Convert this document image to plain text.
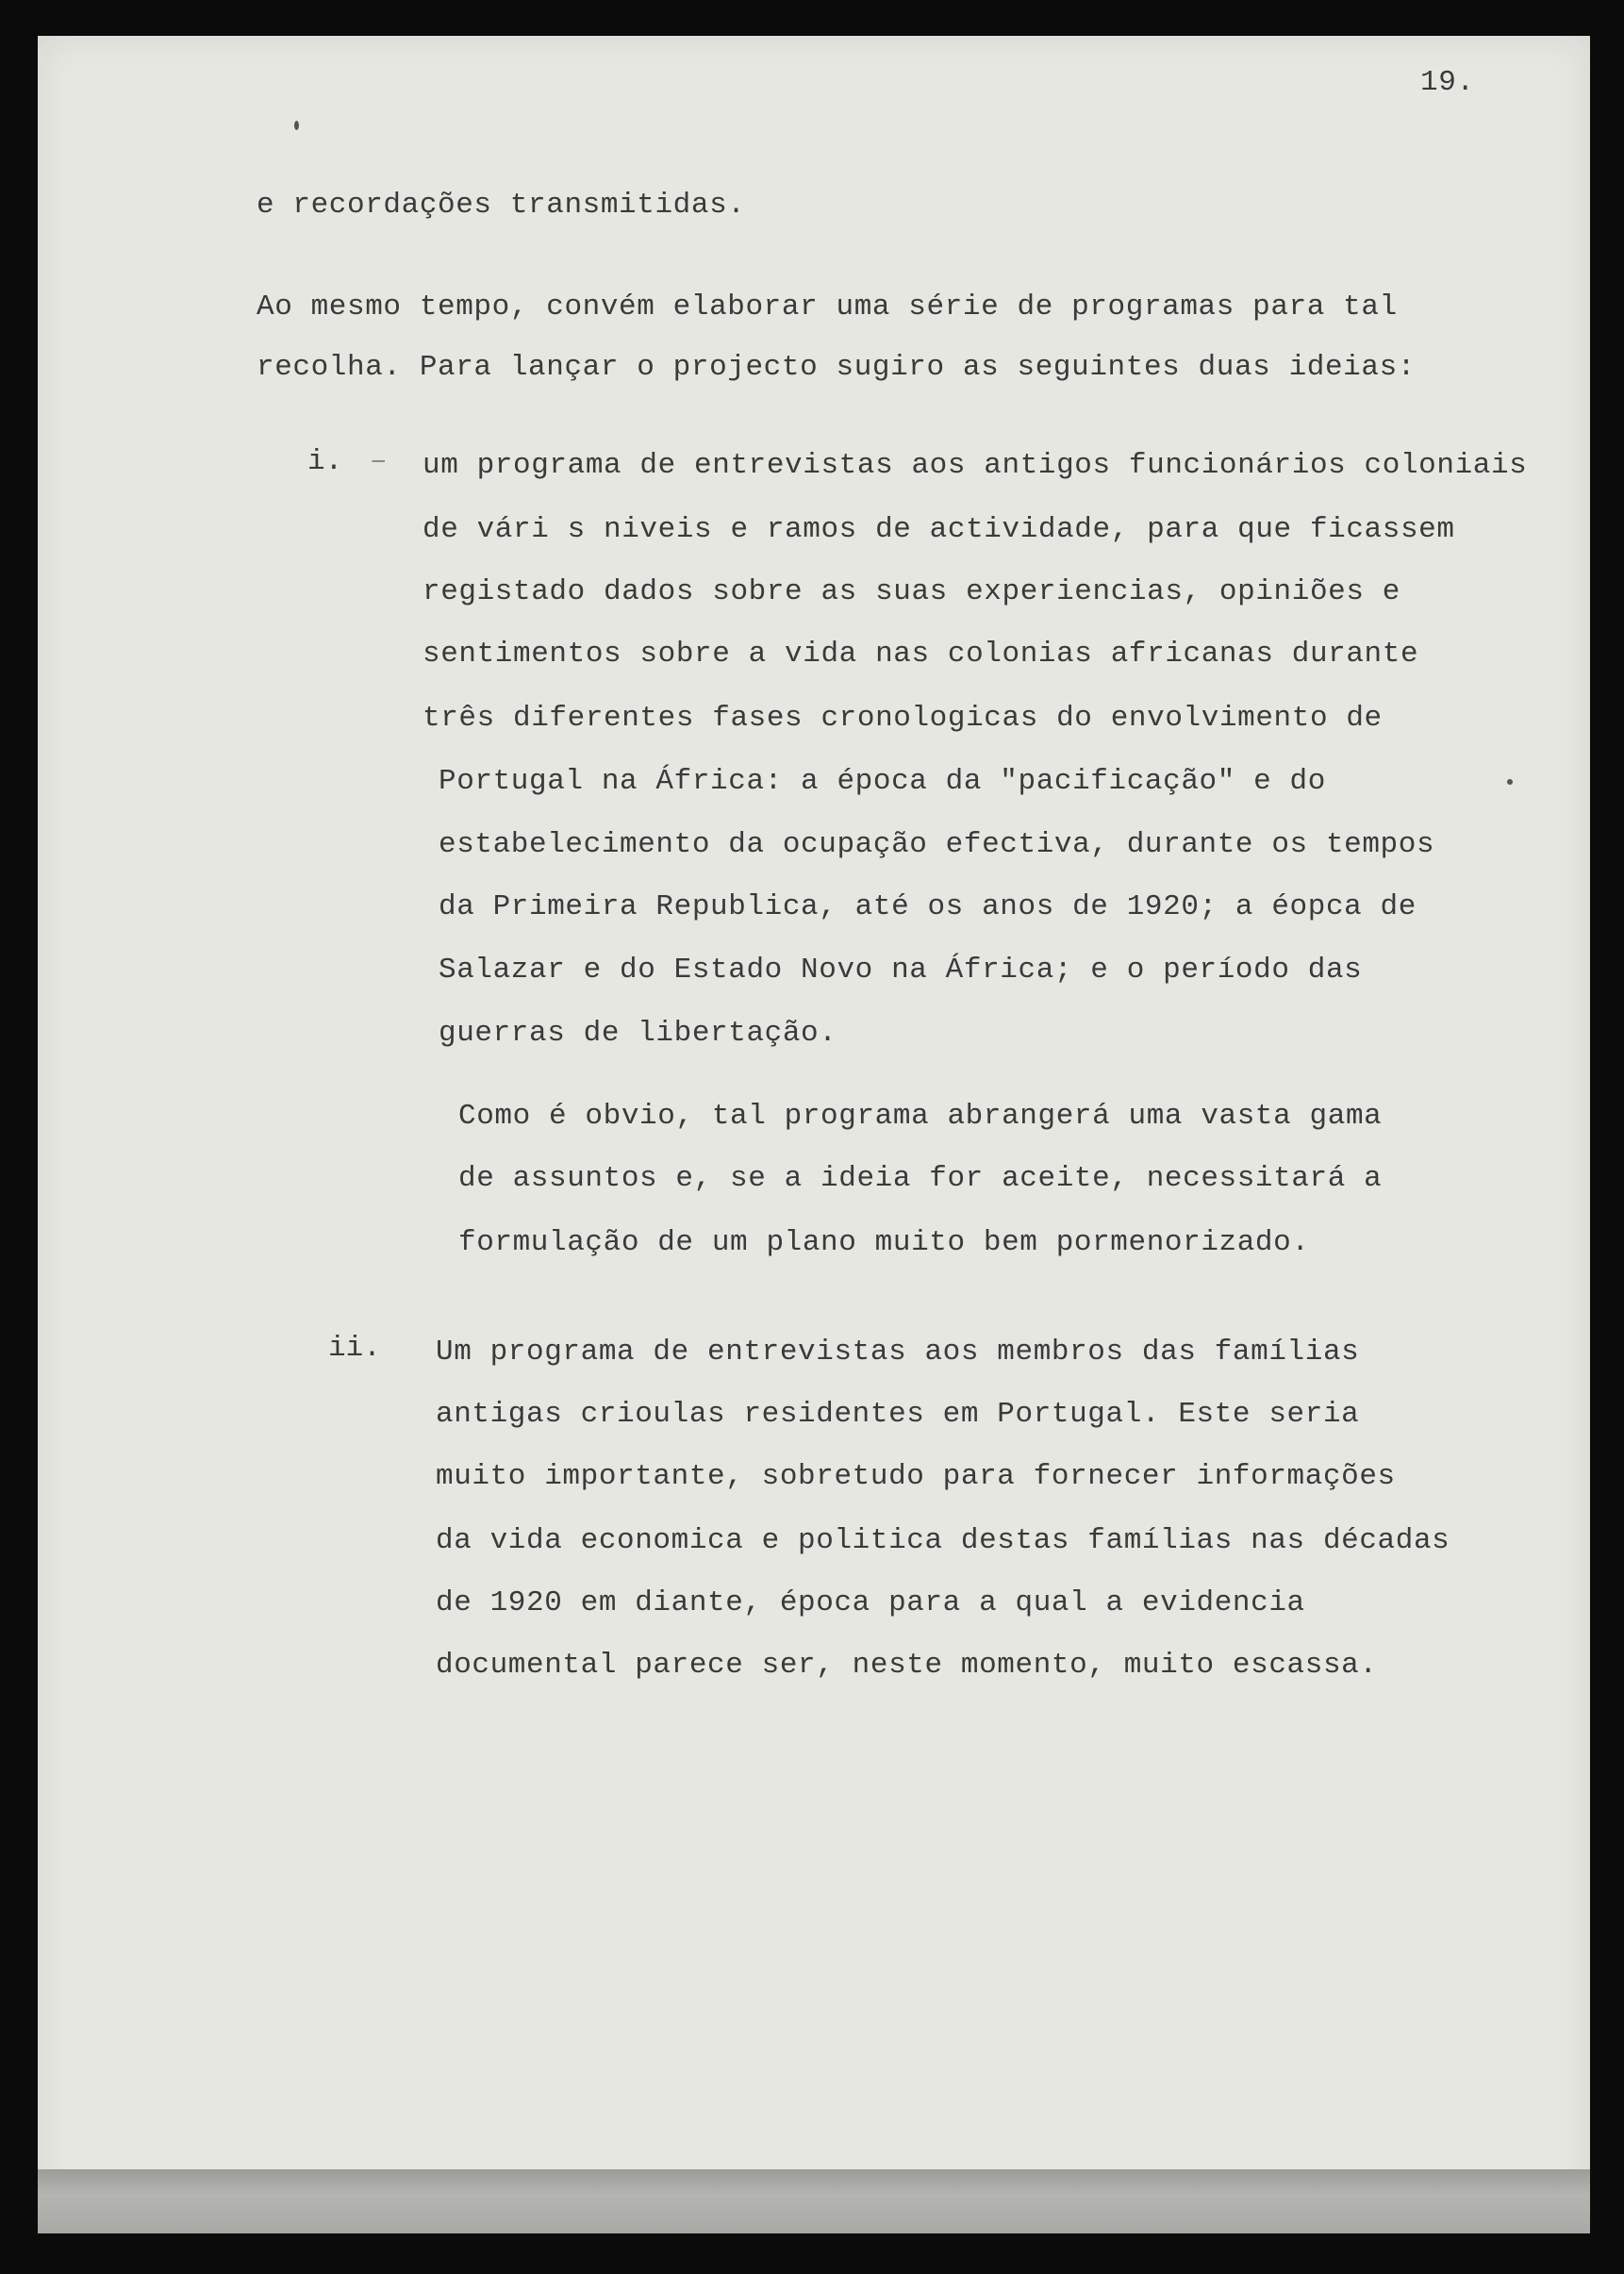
19.
e recordações transmitidas.
Ao mesmo tempo, convém elaborar uma série de programas para tal
recolha. Para lançar o projecto sugiro as seguintes duas ideias:
i. – um programa de entrevistas aos antigos funcionários coloniais
de vári s niveis e ramos de actividade, para que ficassem
registado dados sobre as suas experiencias, opiniões e
sentimentos sobre a vida nas colonias africanas durante
três diferentes fases cronologicas do envolvimento de
Portugal na África: a época da "pacificação" e do
estabelecimento da ocupação efectiva, durante os tempos
da Primeira Republica, até os anos de 1920; a éopca de
Salazar e do Estado Novo na África; e o período das
guerras de libertação.
Como é obvio, tal programa abrangerá uma vasta gama
de assuntos e, se a ideia for aceite, necessitará a
formulação de um plano muito bem pormenorizado.
ii. Um programa de entrevistas aos membros das famílias
antigas crioulas residentes em Portugal. Este seria
muito importante, sobretudo para fornecer informações
da vida economica e politica destas famílias nas décadas
de 1920 em diante, época para a qual a evidencia
documental parece ser, neste momento, muito escassa.
